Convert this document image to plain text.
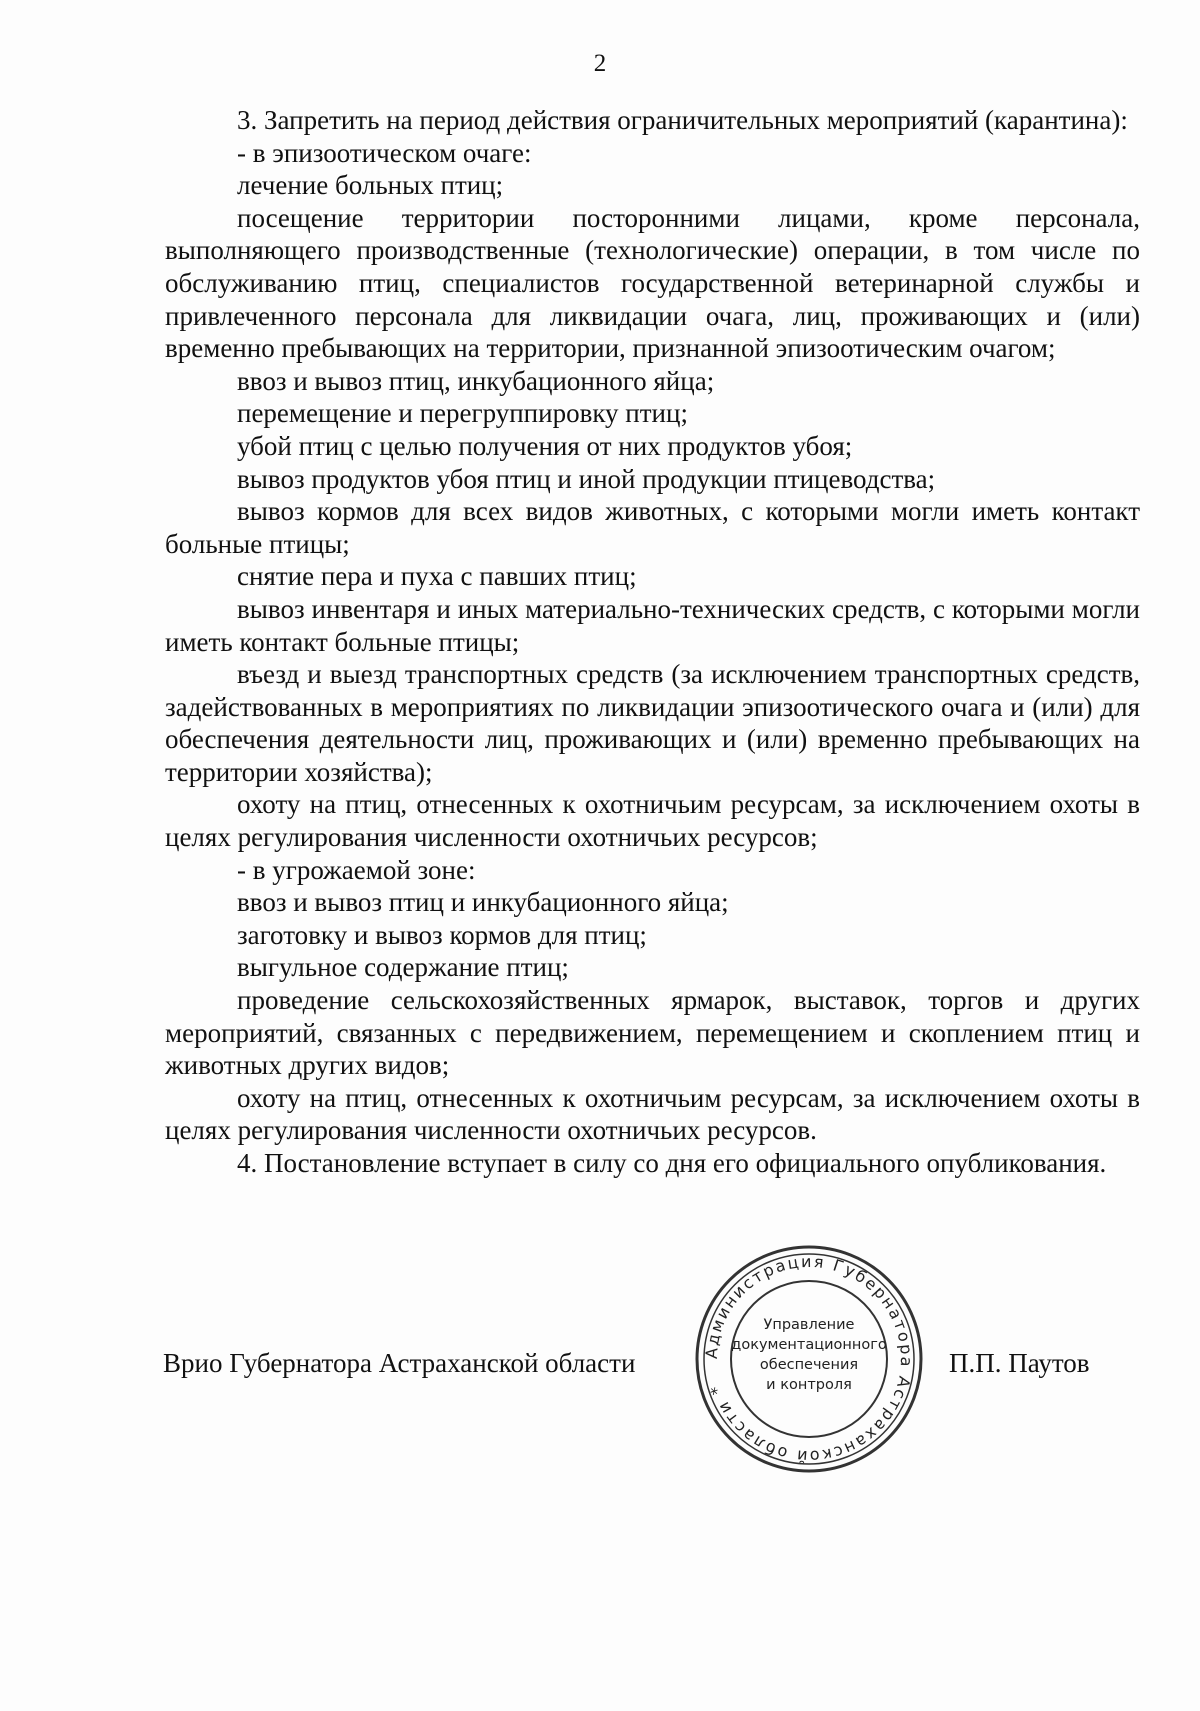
2

3. Запретить на период действия ограничительных мероприятий (карантина):

- в эпизоотическом очаге:

лечение больных птиц;

посещение территории посторонними лицами, кроме персонала, выполняющего производственные (технологические) операции, в том числе по обслуживанию птиц, специалистов государственной ветеринарной службы и привлеченного персонала для ликвидации очага, лиц, проживающих и (или) временно пребывающих на территории, признанной эпизоотическим очагом;

ввоз и вывоз птиц, инкубационного яйца;

перемещение и перегруппировку птиц;

убой птиц с целью получения от них продуктов убоя;

вывоз продуктов убоя птиц и иной продукции птицеводства;

вывоз кормов для всех видов животных, с которыми могли иметь контакт больные птицы;

снятие пера и пуха с павших птиц;

вывоз инвентаря и иных материально-технических средств, с которыми могли иметь контакт больные птицы;

въезд и выезд транспортных средств (за исключением транспортных средств, задействованных в мероприятиях по ликвидации эпизоотического очага и (или) для обеспечения деятельности лиц, проживающих и (или) временно пребывающих на территории хозяйства);

охоту на птиц, отнесенных к охотничьим ресурсам, за исключением охоты в целях регулирования численности охотничьих ресурсов;

- в угрожаемой зоне:

ввоз и вывоз птиц и инкубационного яйца;

заготовку и вывоз кормов для птиц;

выгульное содержание птиц;

проведение сельскохозяйственных ярмарок, выставок, торгов и других мероприятий, связанных с передвижением, перемещением и скоплением птиц и животных других видов;

охоту на птиц, отнесенных к охотничьим ресурсам, за исключением охоты в целях регулирования численности охотничьих ресурсов.

4. Постановление вступает в силу со дня его официального опубликования.

Врио Губернатора Астраханской области	Администрация Губернатора Астраханской области *
Управление
документационного
обеспечения
и контроля
П.П. Паутов
